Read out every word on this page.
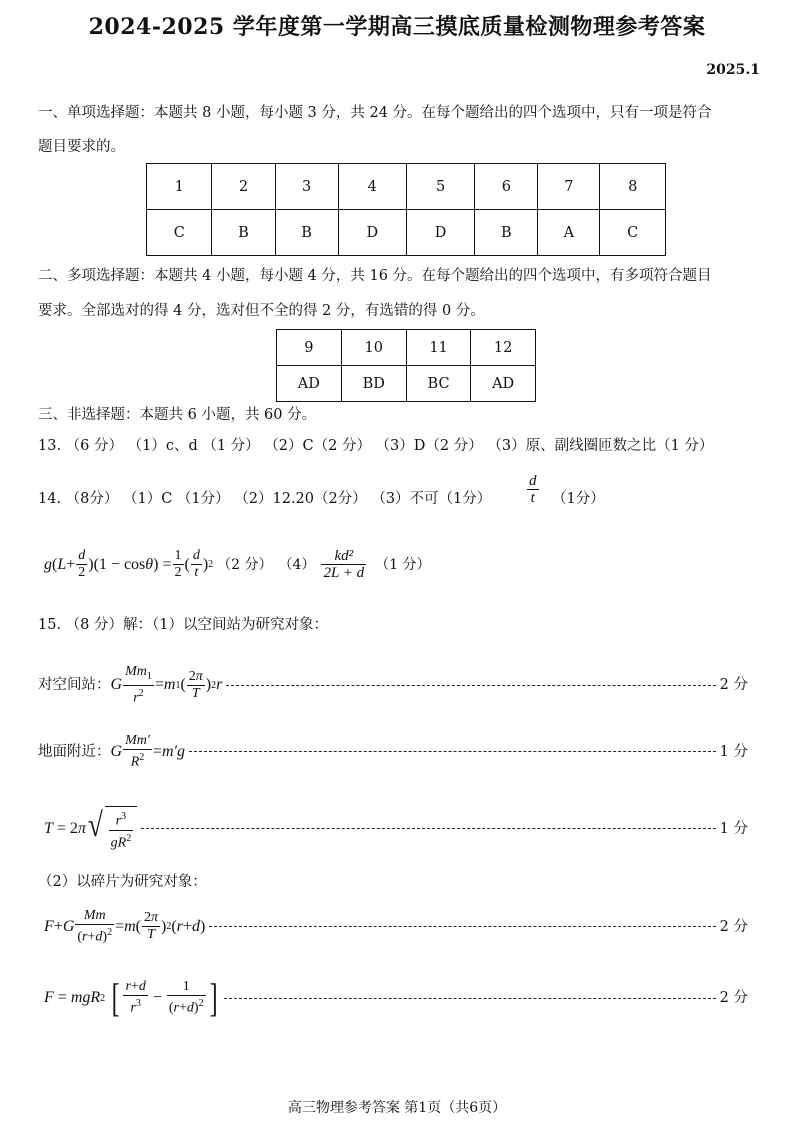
2024-2025 学年度第一学期高三摸底质量检测物理参考答案
2025.1
一、单项选择题：本题共 8 小题，每小题 3 分，共 24 分。在每个题给出的四个选项中，只有一项是符合
题目要求的。
1	2	3	4	5	6	7	8
C	B	B	D	D	B	A	C
二、多项选择题：本题共 4 小题，每小题 4 分，共 16 分。在每个题给出的四个选项中，有多项符合题目
要求。全部选对的得 4 分，选对但不全的得 2 分，有选错的得 0 分。
9	10	11	12
AD	BD	BC	AD
三、非选择题：本题共 6 小题，共 60 分。
13. （6 分） （1）c、d （1 分） （2）C（2 分） （3）D（2 分） （3）原、副线圈匝数之比（1 分）
14. （8分） （1）C （1分） （2）12.20（2分） （3）不可（1分） $\frac{d}{t} (1$分）
g ( $L + \frac{d}{2} )(1 - \cos \theta$ ) = $\frac{1}{2}$ ( $\frac{d}{t}$ ) 2 （2 分） $(4) \frac{\text{kd²}}{2L + d} (1$ 分）
15. （8 分）解：（1）以空间站为研究对象：
对空间站： G $\frac{Mm_1}{r^2} = m$ 1 ( $\frac{2\pi}{T}$ ) 2 r	2 分
地面附近： G $\frac{Mm'}{R^2} = m'g$	1 分
T = 2 π √ $\frac{r^3}{gR^2}$	1 分
（2）以碎片为研究对象：
F + G $\frac{Mm}{(r+d)^2} = m$ ( $\frac{2\pi}{T}$ ) 2 ( r + d )	2 分
F = mgR 2 [ $\frac{r+d}{r^3} - \frac{1}{(r+d)^2}$ ]	2 分
高三物理参考答案 第1页（共6页）
